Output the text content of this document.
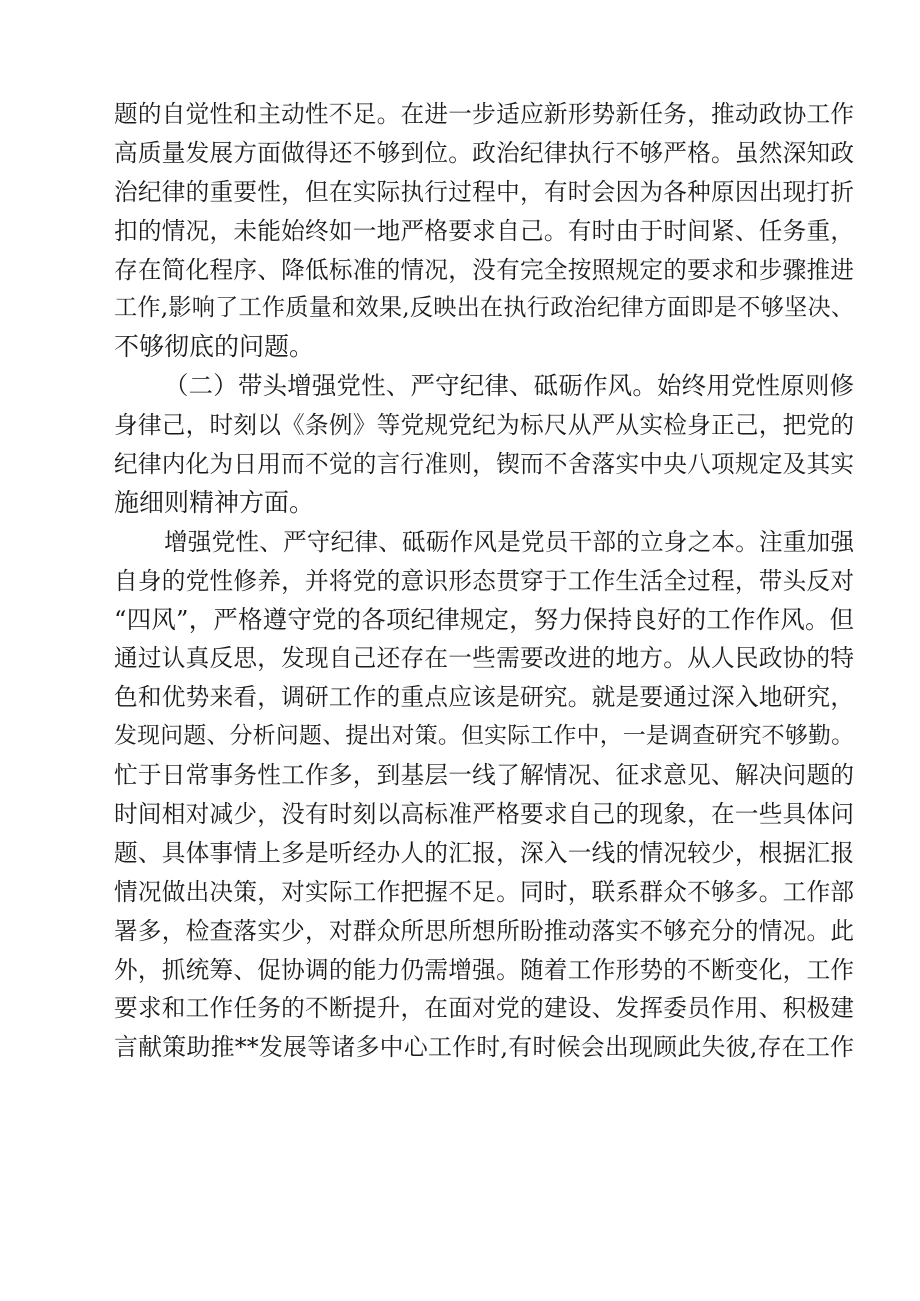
题的自觉性和主动性不足。在进一步适应新形势新任务，推动政协工作
高质量发展方面做得还不够到位。政治纪律执行不够严格。虽然深知政
治纪律的重要性，但在实际执行过程中，有时会因为各种原因出现打折
扣的情况，未能始终如一地严格要求自己。有时由于时间紧、任务重，
存在简化程序、降低标准的情况，没有完全按照规定的要求和步骤推进
工作,影响了工作质量和效果,反映出在执行政治纪律方面即是不够坚决、
不够彻底的问题。
（二）带头增强党性、严守纪律、砥砺作风。始终用党性原则修
身律己，时刻以《条例》等党规党纪为标尺从严从实检身正己，把党的
纪律内化为日用而不觉的言行准则，锲而不舍落实中央八项规定及其实
施细则精神方面。
增强党性、严守纪律、砥砺作风是党员干部的立身之本。注重加强
自身的党性修养，并将党的意识形态贯穿于工作生活全过程，带头反对
“四风”，严格遵守党的各项纪律规定，努力保持良好的工作作风。但
通过认真反思，发现自己还存在一些需要改进的地方。从人民政协的特
色和优势来看，调研工作的重点应该是研究。就是要通过深入地研究，
发现问题、分析问题、提出对策。但实际工作中，一是调查研究不够勤。
忙于日常事务性工作多，到基层一线了解情况、征求意见、解决问题的
时间相对减少，没有时刻以高标准严格要求自己的现象，在一些具体问
题、具体事情上多是听经办人的汇报，深入一线的情况较少，根据汇报
情况做出决策，对实际工作把握不足。同时，联系群众不够多。工作部
署多，检查落实少，对群众所思所想所盼推动落实不够充分的情况。此
外，抓统筹、促协调的能力仍需增强。随着工作形势的不断变化，工作
要求和工作任务的不断提升，在面对党的建设、发挥委员作用、积极建
言献策助推**发展等诸多中心工作时,有时候会出现顾此失彼,存在工作
